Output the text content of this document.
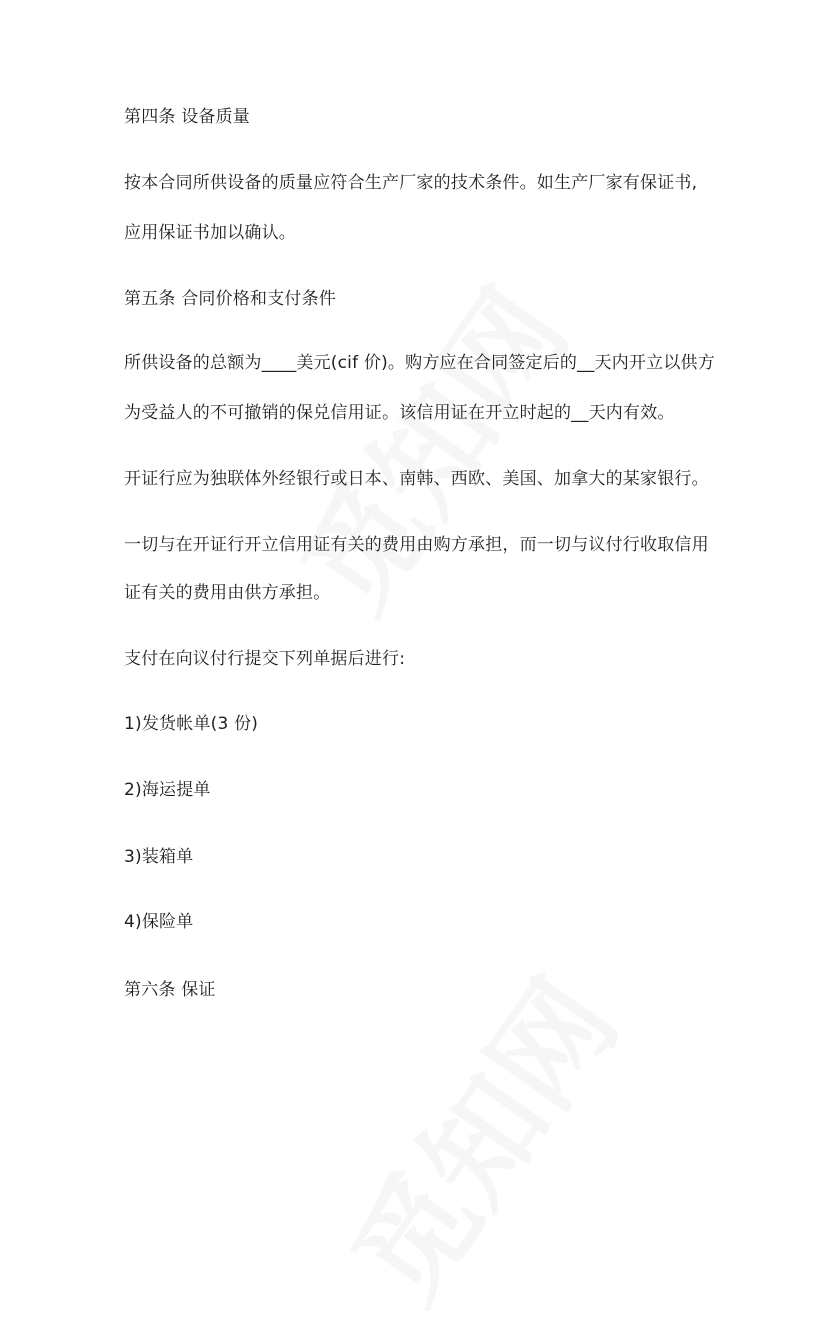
第四条 设备质量
按本合同所供设备的质量应符合生产厂家的技术条件。如生产厂家有保证书,
应用保证书加以确认。
第五条 合同价格和支付条件
所供设备的总额为____美元(cif 价)。购方应在合同签定后的__天内开立以供方
为受益人的不可撤销的保兑信用证。该信用证在开立时起的__天内有效。
开证行应为独联体外经银行或日本、南韩、西欧、美国、加拿大的某家银行。
一切与在开证行开立信用证有关的费用由购方承担，而一切与议付行收取信用
证有关的费用由供方承担。
支付在向议付行提交下列单据后进行:
1)发货帐单(3 份)
2)海运提单
3)装箱单
4)保险单
第六条 保证
